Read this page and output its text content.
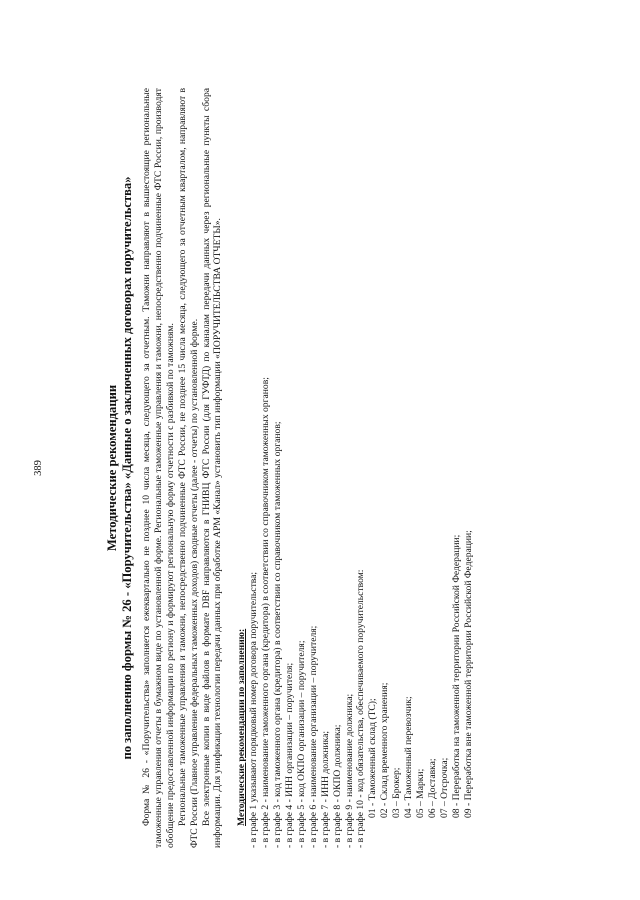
389	Методические рекомендации по заполнению формы № 26 - «Поручительства» «Данные о заключенных договорах поручительства» Форма № 26 - «Поручительства» заполняется ежеквартально не позднее 10 числа месяца, следующего за отчетным. Таможни направляют в вышестоящие региональные таможенные управления отчеты в бумажном виде по установленной форме. Региональные таможенные управления и таможни, непосредственно подчиненные ФТС России, производят обобщение предоставленной информации по региону и формируют региональную форму отчетности с разбивкой по таможням. Региональные таможенные управления и таможни, непосредственно подчиненные ФТС России, не позднее 15 числа месяца, следующего за отчетным кварталом, направляют в ФТС России (Главное управление федеральных таможенных доходов) сводные отчеты (далее - отчеты) по установленной форме. Все электронные копии в виде файлов в формате DBF направляются в ГНИВЦ ФТС России (для ГУФТД) по каналам передачи данных через региональные пункты сбора информации. Для унификации технологии передачи данных при обработке АРМ «Канал» установить тип информации «ПОРУЧИТЕЛЬСТВА ОТЧЕТЫ». Методические рекомендации по заполнению: - в графе 1 указывают порядковый номер договора поручительства; - в графе 2 - наименование таможенного органа (кредитора) в соответствии со справочником таможенных органов; - в графе 3 - код таможенного органа (кредитора) в соответствии со справочником таможенных органов; - в графе 4 - ИНН организации – поручителя; - в графе 5 - код ОКПО организации – поручителя; - в графе 6 - наименование организации – поручителя; - в графе 7 - ИНН должника; - в графе 8 - ОКПО должника; - в графе 9 - наименование должника; - в графе 10 - код обязательства, обеспечиваемого поручительством: 01 - Таможенный склад (ТС); 02 - Склад временного хранения; 03 – Брокер; 04 - Таможенный перевозчик; 05 – Марки; 06 – Доставка; 07 – Отсрочка; 08 - Переработка на таможенной территории Российской Федерации; 09 - Переработка вне таможенной территории Российской Федерации;
